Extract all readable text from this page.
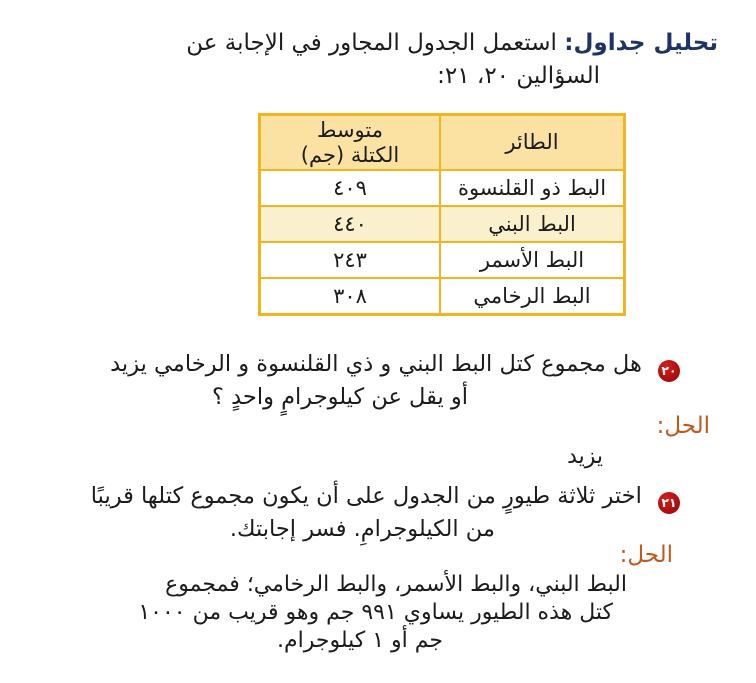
تحليل جداول: استعمل الجدول المجاور في الإجابة عن
السؤالين ٢٠، ٢١:
الطائر	متوسط
الكتلة (جم)

البط ذو القلنسوة	٤٠٩
البط البني	٤٤٠
البط الأسمر	٢٤٣
البط الرخامي	٣٠٨
٢٠ هل مجموع كتل البط البني و ذي القلنسوة و الرخامي يزيد
أو يقل عن كيلوجرامٍ واحدٍ ؟
الحل:
يزيد
٢١ اختر ثلاثة طيورٍ من الجدول على أن يكون مجموع كتلها قريبًا
من الكيلوجرامِ. فسر إجابتك.
الحل:
البط البني، والبط الأسمر، والبط الرخامي؛ فمجموع
كتل هذه الطيور يساوي ٩٩١ جم وهو قريب من ١٠٠٠
جم أو ١ كيلوجرام.
